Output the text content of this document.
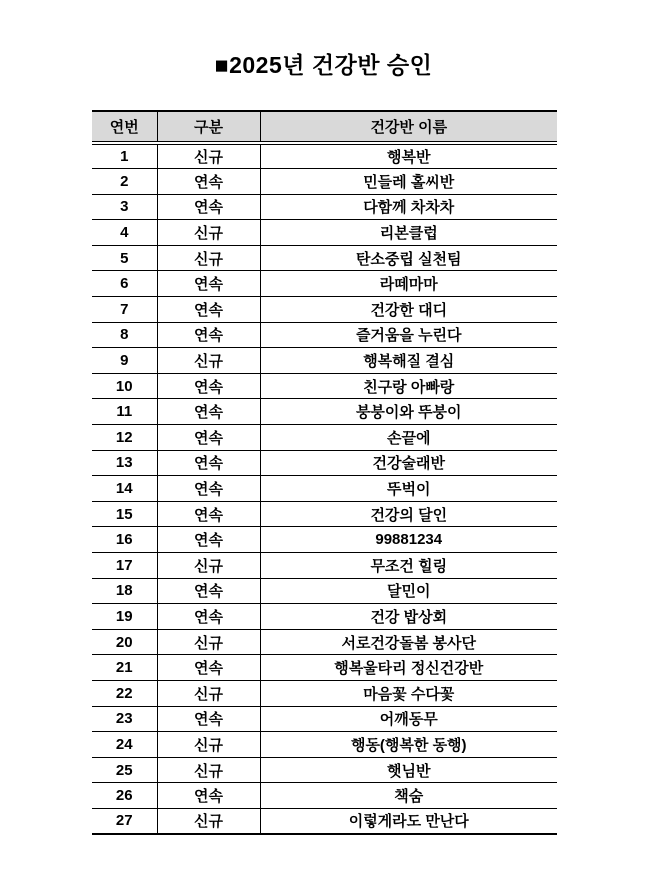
■2025년 건강반 승인
연번	구분	건강반 이름
1	신규	행복반
2	연속	민들레 홀씨반
3	연속	다함께 차차차
4	신규	리본클럽
5	신규	탄소중립 실천팀
6	연속	라떼마마
7	연속	건강한 대디
8	연속	즐거움을 누린다
9	신규	행복해질 결심
10	연속	친구랑 아빠랑
11	연속	붕붕이와 뚜붕이
12	연속	손끝에
13	연속	건강술래반
14	연속	뚜벅이
15	연속	건강의 달인
16	연속	99881234
17	신규	무조건 힐링
18	연속	달민이
19	연속	건강 밥상회
20	신규	서로건강돌봄 봉사단
21	연속	행복울타리 정신건강반
22	신규	마음꽃 수다꽃
23	연속	어깨동무
24	신규	행동(행복한 동행)
25	신규	햇님반
26	연속	책숨
27	신규	이렇게라도 만난다
